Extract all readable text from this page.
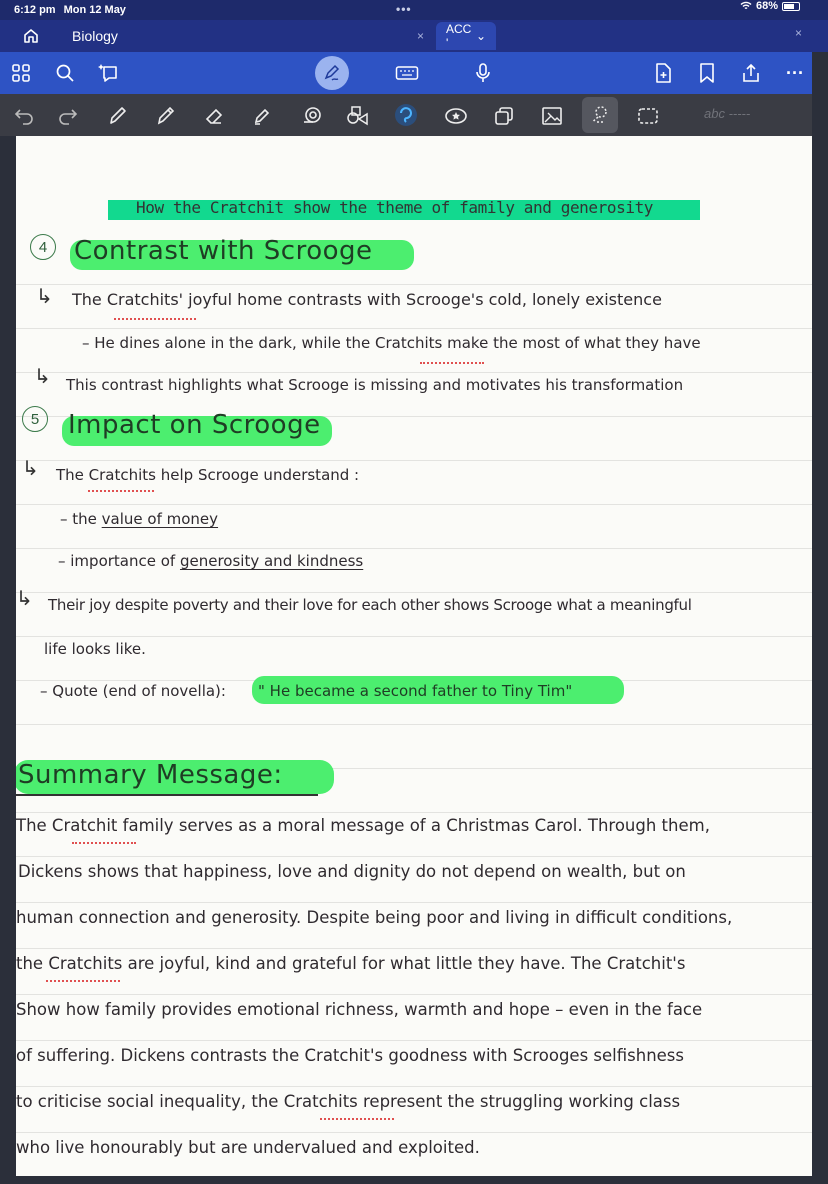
6:12 pm Mon 12 May	•••	68%
Biology	× ACC '	⌄	×
···
abc -----
How the Cratchit show the theme of family and generosity
4	Contrast with Scrooge
↳ The Cratchits' joyful home contrasts with Scrooge's cold, lonely existence
– He dines alone in the dark, while the Cratchits make the most of what they have
↳ This contrast highlights what Scrooge is missing and motivates his transformation
5	Impact on Scrooge
↳ The Cratchits help Scrooge understand :
– the value of money
– importance of generosity and kindness
↳ Their joy despite poverty and their love for each other shows Scrooge what a meaningful
life looks like.
– Quote (end of novella): " He became a second father to Tiny Tim"
Summary Message:
The Cratchit family serves as a moral message of a Christmas Carol. Through them,
Dickens shows that happiness, love and dignity do not depend on wealth, but on
human connection and generosity. Despite being poor and living in difficult conditions,
the Cratchits are joyful, kind and grateful for what little they have. The Cratchit's
Show how family provides emotional richness, warmth and hope – even in the face
of suffering. Dickens contrasts the Cratchit's goodness with Scrooges selfishness
to criticise social inequality, the Cratchits represent the struggling working class
who live honourably but are undervalued and exploited.
